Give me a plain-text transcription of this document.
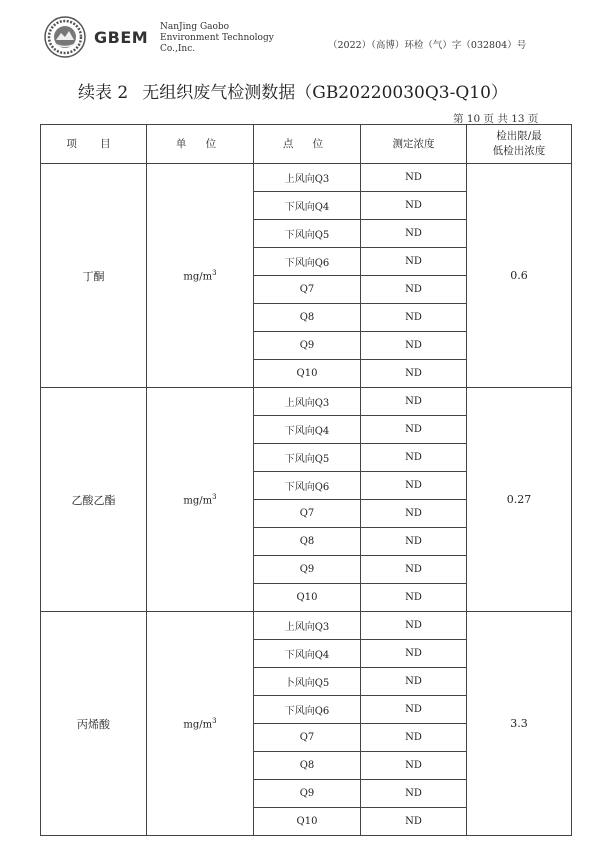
GBEM
NanJing Gaobo
Environment Technology
Co.,Inc.	（2022）（高博）环检（气）字（032804）号
续表 2 无组织废气检测数据（GB20220030Q3-Q10）
第 10 页 共 13 页
项 目	单 位	点 位	测定浓度	检出限/最
低检出浓度
丁酮	$mg/m^3$	上风向Q3	ND	0.6
		下风向Q4	ND	
		下风向Q5	ND	
		下风向Q6	ND	
		Q7	ND	
		Q8	ND	
		Q9	ND	
		Q10	ND	
乙酸乙酯	$mg/m^3$	上风向Q3	ND	0.27
		下风向Q4	ND	
		下风向Q5	ND	
		下风向Q6	ND	
		Q7	ND	
		Q8	ND	
		Q9	ND	
		Q10	ND	
丙烯酸	$mg/m^3$	上风向Q3	ND	3.3
		下风向Q4	ND	
		卜风向Q5	ND	
		下风向Q6	ND	
		Q7	ND	
		Q8	ND	
		Q9	ND	
		Q10	ND	
